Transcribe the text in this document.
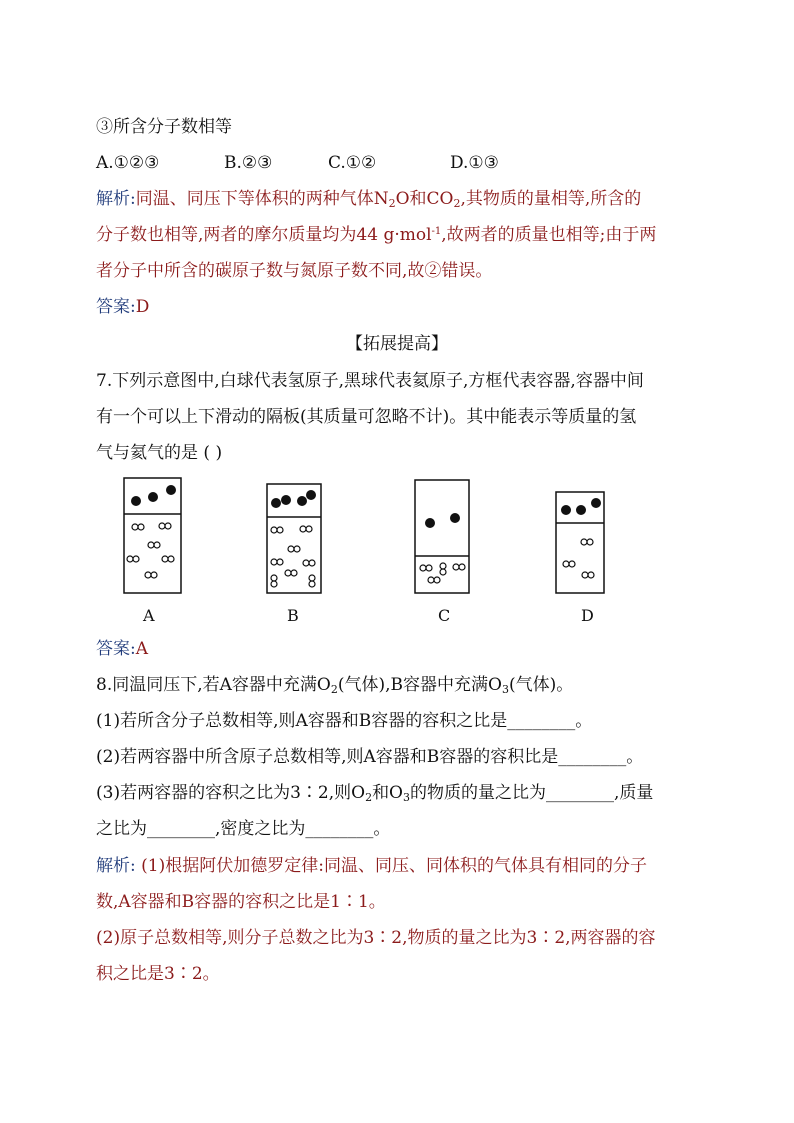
③所含分子数相等
A.①②③	B.②③	C.①②	D.①③
解析:同温、同压下等体积的两种气体$N_2O$和$CO_2$,其物质的量相等,所含的
分子数也相等,两者的摩尔质量均为44 g·mol$^{-1}$,故两者的质量也相等;由于两
者分子中所含的碳原子数与氮原子数不同,故②错误。
答案:D
【拓展提高】
7.下列示意图中,白球代表氢原子,黑球代表氦原子,方框代表容器,容器中间
有一个可以上下滑动的隔板(其质量可忽略不计)。其中能表示等质量的氢
气与氦气的是 ( )
A	B	C	D
答案:A
8.同温同压下,若A容器中充满$O_2$(气体),B容器中充满$O_3$(气体)。
(1)若所含分子总数相等,则A容器和B容器的容积之比是________。
(2)若两容器中所含原子总数相等,则A容器和B容器的容积比是________。
(3)若两容器的容积之比为3∶2,则$O_2$和$O_3$的物质的量之比为________,质量
之比为________,密度之比为________。
解析: (1)根据阿伏加德罗定律:同温、同压、同体积的气体具有相同的分子
数,A容器和B容器的容积之比是1∶1。
(2)原子总数相等,则分子总数之比为3∶2,物质的量之比为3∶2,两容器的容
积之比是3∶2。
